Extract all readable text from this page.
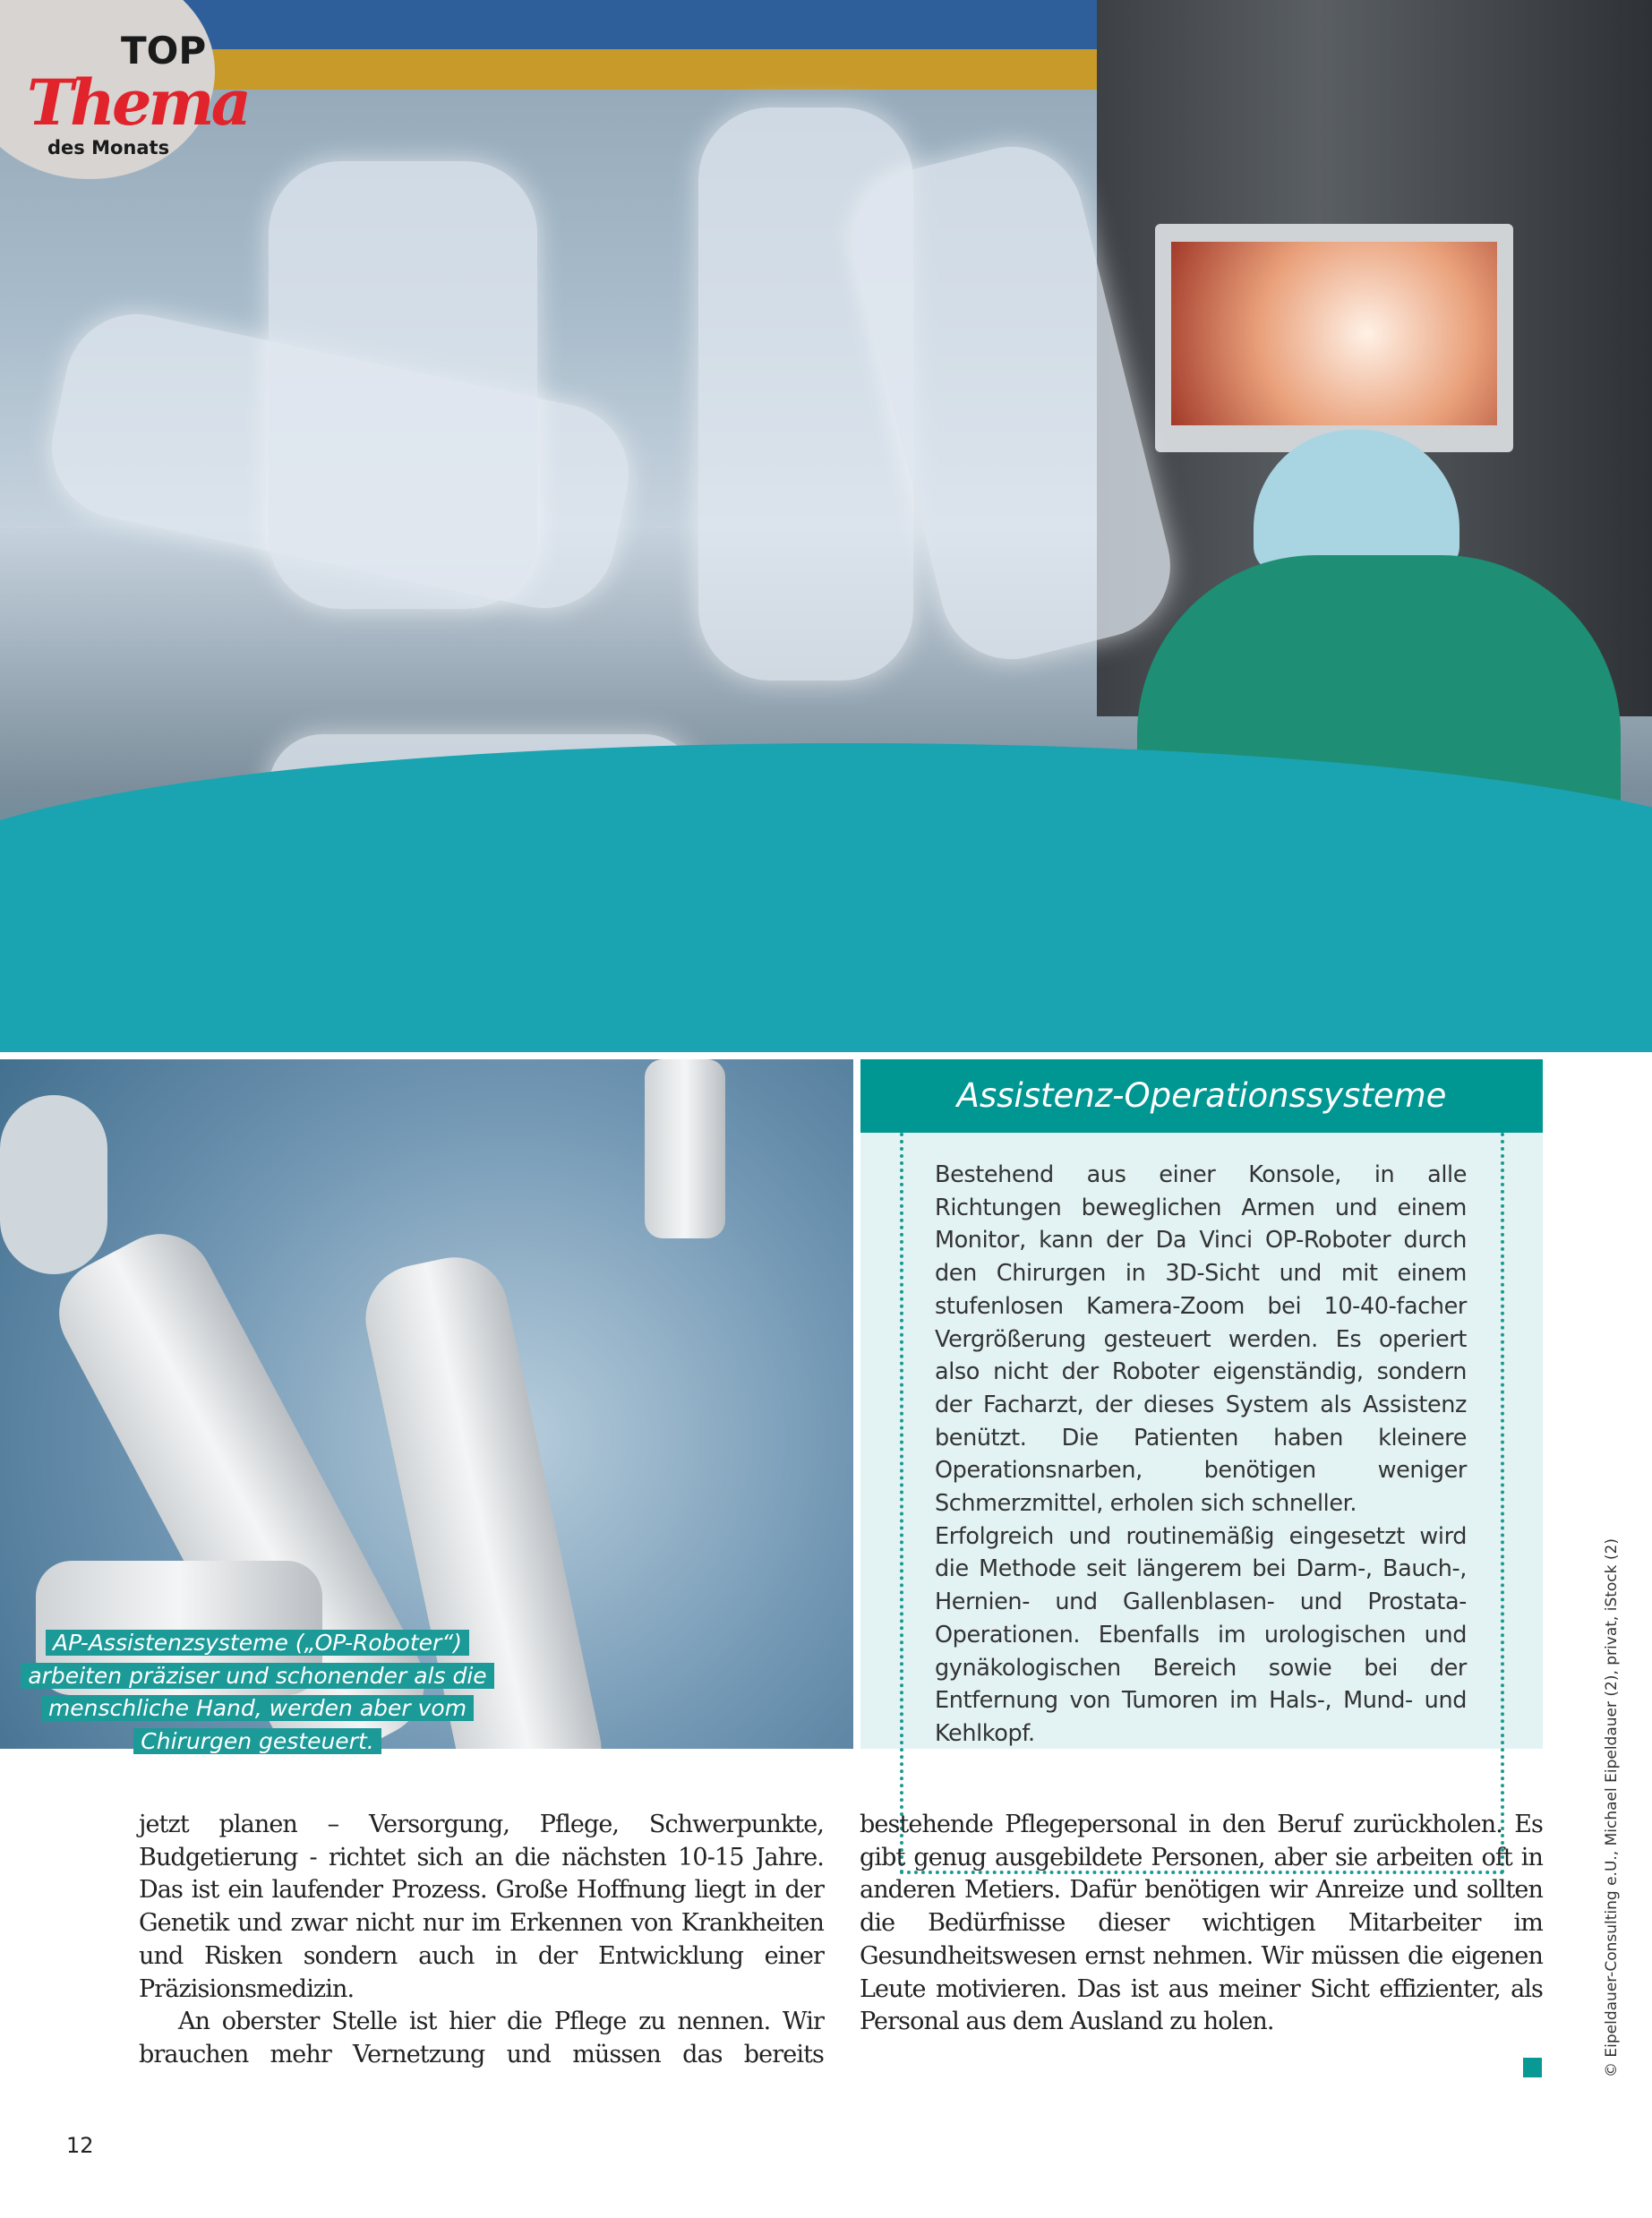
TOP
Thema
des Monats
AP-Assistenzsysteme („OP-Roboter“) arbeiten präziser und schonender als die menschliche Hand, werden aber vom Chirurgen gesteuert.
Assistenz-Operationssysteme

Bestehend aus einer Konsole, in alle Richtungen beweglichen Armen und einem Monitor, kann der Da Vinci OP-Roboter durch den Chirurgen in 3D-Sicht und mit einem stufenlosen Kamera-Zoom bei 10-40-facher Vergrößerung gesteuert werden. Es operiert also nicht der Roboter eigenständig, sondern der Facharzt, der dieses System als Assistenz benützt. Die Patienten haben kleinere Operationsnarben, benötigen weniger Schmerzmittel, erholen sich schneller.

Erfolgreich und routinemäßig eingesetzt wird die Methode seit längerem bei Darm-, Bauch-, Hernien- und Gallenblasen- und Prostata-Operationen. Ebenfalls im urologischen und gynäkologischen Bereich sowie bei der Entfernung von Tumoren im Hals-, Mund- und Kehlkopf.

jetzt planen – Versorgung, Pflege, Schwerpunkte, Budgetierung - richtet sich an die nächsten 10-15 Jahre. Das ist ein laufender Prozess. Große Hoffnung liegt in der Genetik und zwar nicht nur im Erkennen von Krankheiten und Risken sondern auch in der Entwicklung einer Präzisionsmedizin.

An oberster Stelle ist hier die Pflege zu nennen. Wir brauchen mehr Vernetzung und müssen das bereits

bestehende Pflegepersonal in den Beruf zurückholen. Es gibt genug ausgebildete Personen, aber sie arbeiten oft in anderen Metiers. Dafür benötigen wir Anreize und sollten die Bedürfnisse dieser wichtigen Mitarbeiter im Gesundheitswesen ernst nehmen. Wir müssen die eigenen Leute motivieren. Das ist aus meiner Sicht effizienter, als Personal aus dem Ausland zu holen.

12
© Eipeldauer-Consulting e.U., Michael Eipeldauer (2), privat, iStock (2)
